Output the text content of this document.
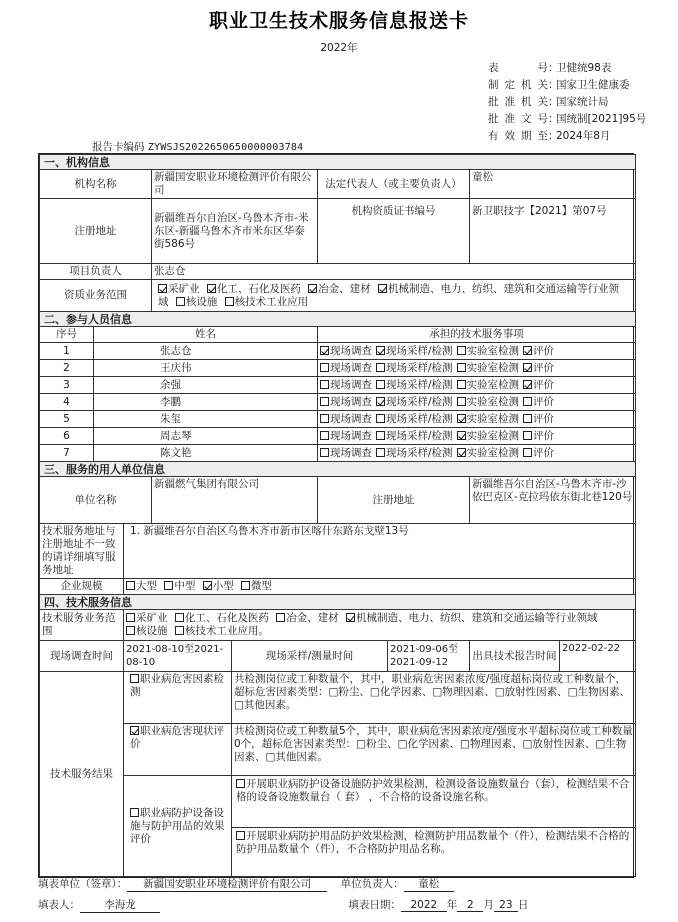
职业卫生技术服务信息报送卡
2022年
表号 ：
卫健统98表
制定机关 ：
国家卫生健康委
批准机关 ：
国家统计局
批准文号 ：
国统制[2021]95号
有效期至 ：
2024年8月
报告卡编码 ZYWSJS2022650650000003784
一、机构信息								
机构名称			新疆国安职业环境检测评价有限公司		法定代表人（或主要负责人）		童松	
注册地址			新疆维吾尔自治区-乌鲁木齐市-米东区-新疆乌鲁木齐市米东区华泰街586号		机构资质证书编号		新卫职技字【2021】第07号	
项目负责人			张志仓					
资质业务范围			采矿业 化工、石化及医药 冶金、建材 机械制造、电力、纺织、建筑和交通运输等行业领域 核设施 核技术工业应用					
二、参与人员信息								
序号	姓名				承担的技术服务事项			
1	张志仓				现场调查 现场采样/检测 实验室检测 评价			
2	王庆伟				现场调查 现场采样/检测 实验室检测 评价			
3	余强				现场调查 现场采样/检测 实验室检测 评价			
4	李鹏				现场调查 现场采样/检测 实验室检测 评价			
5	朱玺				现场调查 现场采样/检测 实验室检测 评价			
6	周志琴				现场调查 现场采样/检测 实验室检测 评价			
7	陈文艳				现场调查 现场采样/检测 实验室检测 评价			
三、服务的用人单位信息								
单位名称			新疆燃气集团有限公司		注册地址		新疆维吾尔自治区-乌鲁木齐市-沙依巴克区-克拉玛依东街北巷120号	
技术服务地址与注册地址不一致的请详细填写服务地址		1. 新疆维吾尔自治区乌鲁木齐市新市区喀什东路东戈壁13号						
企业规模		大型 中型 小型 微型						
四、技术服务信息								
技术服务业务范围		采矿业 化工、石化及医药 冶金、建材 机械制造、电力、纺织、建筑和交通运输等行业领域 核设施 核技术工业应用。						
现场调查时间		2021-08-10至2021-08-10		现场采样/测量时间		2021-09-06至2021-09-12	出具技术报告时间	2022-02-22
技术服务结果		职业病危害因素检测		共检测岗位或工种数量个，其中，职业病危害因素浓度/强度超标岗位或工种数量个，超标危害因素类型：□粉尘、□化学因素、□物理因素、□放射性因素、□生物因素、□其他因素。				
		职业病危害现状评价		共检测岗位或工种数量5个，其中，职业病危害因素浓度/强度水平超标岗位或工种数量0个，超标危害因素类型：□粉尘、□化学因素、□物理因素、□放射性因素、□生物因素、□其他因素。				
		职业病防护设备设施与防护用品的效果评价		开展职业病防护设备设施防护效果检测，检测设备设施数量台（套），检测结果不合格的设备设施数量台（ 套） ，不合格的设备设施名称。				
				开展职业病防护用品防护效果检测，检测防护用品数量个（件），检测结果不合格的防护用品数量个（件），不合格防护用品名称。				
填表单位（签章）： 新疆国安职业环境检测评价有限公司	单位负责人： 童松
填表人： 李海龙	填表日期： 2022 年 2 月 23 日
